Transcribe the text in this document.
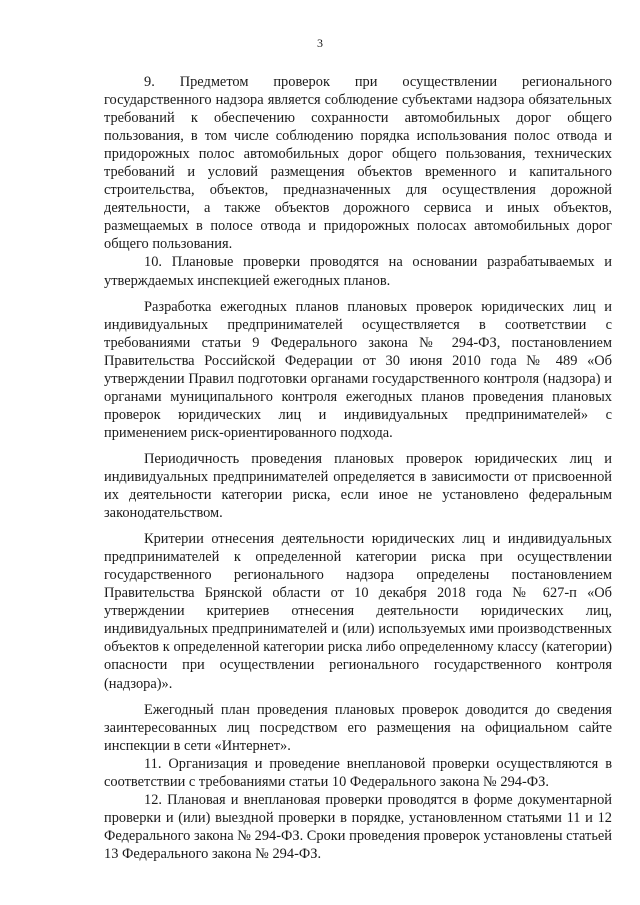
3

9. Предметом проверок при осуществлении регионального государственного надзора является соблюдение субъектами надзора обязательных требований к обеспечению сохранности автомобильных дорог общего пользования, в том числе соблюдению порядка использования полос отвода и придорожных полос автомобильных дорог общего пользования, технических требований и условий размещения объектов временного и капитального строительства, объектов, предназначенных для осуществления дорожной деятельности, а также объектов дорожного сервиса и иных объектов, размещаемых в полосе отвода и придорожных полосах автомобильных дорог общего пользования.

10. Плановые проверки проводятся на основании разрабатываемых и утверждаемых инспекцией ежегодных планов.

Разработка ежегодных планов плановых проверок юридических лиц и индивидуальных предпринимателей осуществляется в соответствии с требованиями статьи 9 Федерального закона № 294-ФЗ, постановлением Правительства Российской Федерации от 30 июня 2010 года № 489 «Об утверждении Правил подготовки органами государственного контроля (надзора) и органами муниципального контроля ежегодных планов проведения плановых проверок юридических лиц и индивидуальных предпринимателей» с применением риск-ориентированного подхода.

Периодичность проведения плановых проверок юридических лиц и индивидуальных предпринимателей определяется в зависимости от присвоенной их деятельности категории риска, если иное не установлено федеральным законодательством.

Критерии отнесения деятельности юридических лиц и индивидуальных предпринимателей к определенной категории риска при осуществлении государственного регионального надзора определены постановлением Правительства Брянской области от 10 декабря 2018 года № 627-п «Об утверждении критериев отнесения деятельности юридических лиц, индивидуальных предпринимателей и (или) используемых ими производственных объектов к определенной категории риска либо определенному классу (категории) опасности при осуществлении регионального государственного контроля (надзора)».

Ежегодный план проведения плановых проверок доводится до сведения заинтересованных лиц посредством его размещения на официальном сайте инспекции в сети «Интернет».

11. Организация и проведение внеплановой проверки осуществляются в соответствии с требованиями статьи 10 Федерального закона № 294-ФЗ.

12. Плановая и внеплановая проверки проводятся в форме документарной проверки и (или) выездной проверки в порядке, установленном статьями 11 и 12 Федерального закона № 294-ФЗ. Сроки проведения проверок установлены статьей 13 Федерального закона № 294-ФЗ.
